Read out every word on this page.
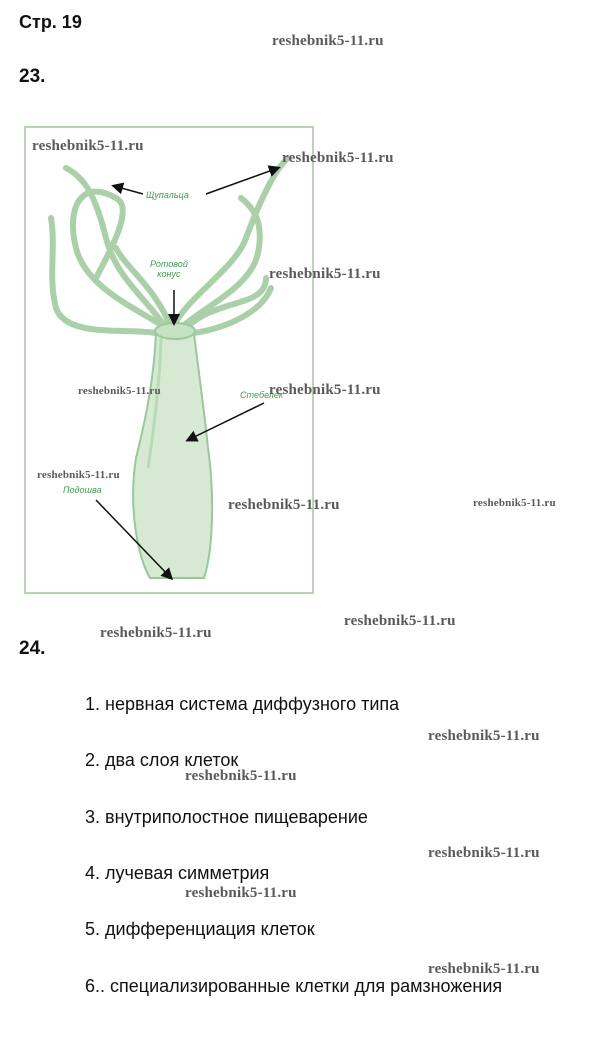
Стр. 19
reshebnik5-11.ru
23.
Щупальца
Ротовой
конус
Стебелек
Подошва
reshebnik5-11.ru
reshebnik5-11.ru
reshebnik5-11.ru
reshebnik5-11.ru	reshebnik5-11.ru
reshebnik5-11.ru
reshebnik5-11.ru	reshebnik5-11.ru
reshebnik5-11.ru
reshebnik5-11.ru
24.
1. нервная система диффузного типа
2. два слоя клеток
3. внутриполостное пищеварение
4. лучевая симметрия
5. дифференциация клеток
6.. специализированные клетки для рамзножения
reshebnik5-11.ru
reshebnik5-11.ru
reshebnik5-11.ru
reshebnik5-11.ru
reshebnik5-11.ru
